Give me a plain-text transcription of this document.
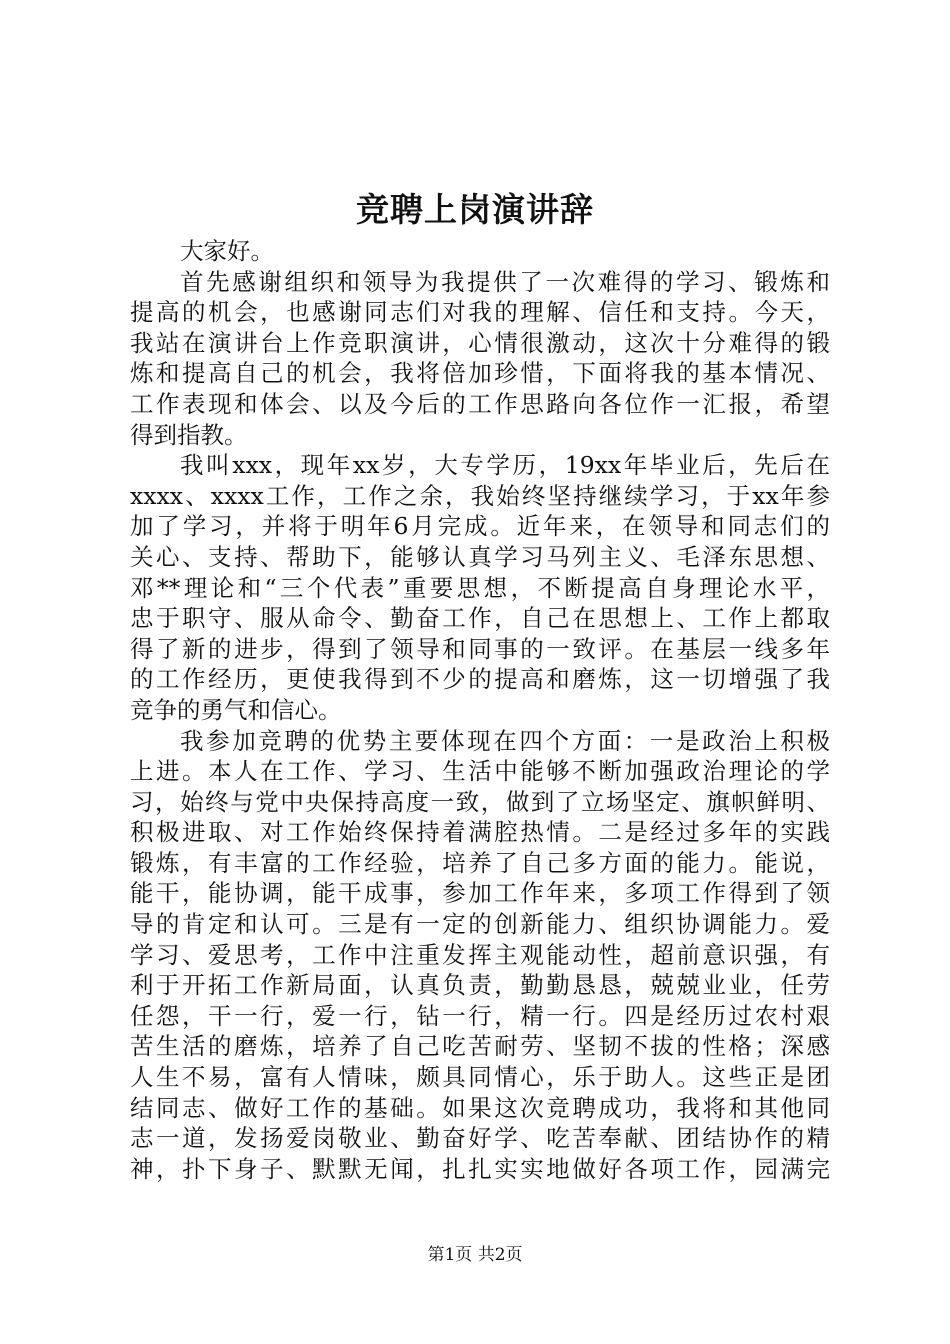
竞聘上岗演讲辞
大家好。
首先感谢组织和领导为我提供了一次难得的学习、锻炼和
提高的机会，也感谢同志们对我的理解、信任和支持。今天，
我站在演讲台上作竞职演讲，心情很激动，这次十分难得的锻
炼和提高自己的机会，我将倍加珍惜，下面将我的基本情况、
工作表现和体会、以及今后的工作思路向各位作一汇报，希望
得到指教。
我叫xxx，现年xx岁，大专学历，19xx年毕业后，先后在
xxxx、xxxx工作，工作之余，我始终坚持继续学习，于xx年参
加了学习，并将于明年6月完成。近年来，在领导和同志们的
关心、支持、帮助下，能够认真学习马列主义、毛泽东思想、
邓**理论和“三个代表”重要思想，不断提高自身理论水平，
忠于职守、服从命令、勤奋工作，自己在思想上、工作上都取
得了新的进步，得到了领导和同事的一致评。在基层一线多年
的工作经历，更使我得到不少的提高和磨炼，这一切增强了我
竞争的勇气和信心。
我参加竞聘的优势主要体现在四个方面：一是政治上积极
上进。本人在工作、学习、生活中能够不断加强政治理论的学
习，始终与党中央保持高度一致，做到了立场坚定、旗帜鲜明、
积极进取、对工作始终保持着满腔热情。二是经过多年的实践
锻炼，有丰富的工作经验，培养了自己多方面的能力。能说，
能干，能协调，能干成事，参加工作年来，多项工作得到了领
导的肯定和认可。三是有一定的创新能力、组织协调能力。爱
学习、爱思考，工作中注重发挥主观能动性，超前意识强，有
利于开拓工作新局面，认真负责，勤勤恳恳，兢兢业业，任劳
任怨，干一行，爱一行，钻一行，精一行。四是经历过农村艰
苦生活的磨炼，培养了自己吃苦耐劳、坚韧不拔的性格；深感
人生不易，富有人情味，颇具同情心，乐于助人。这些正是团
结同志、做好工作的基础。如果这次竞聘成功，我将和其他同
志一道，发扬爱岗敬业、勤奋好学、吃苦奉献、团结协作的精
神，扑下身子、默默无闻，扎扎实实地做好各项工作，园满完
第1页 共2页
